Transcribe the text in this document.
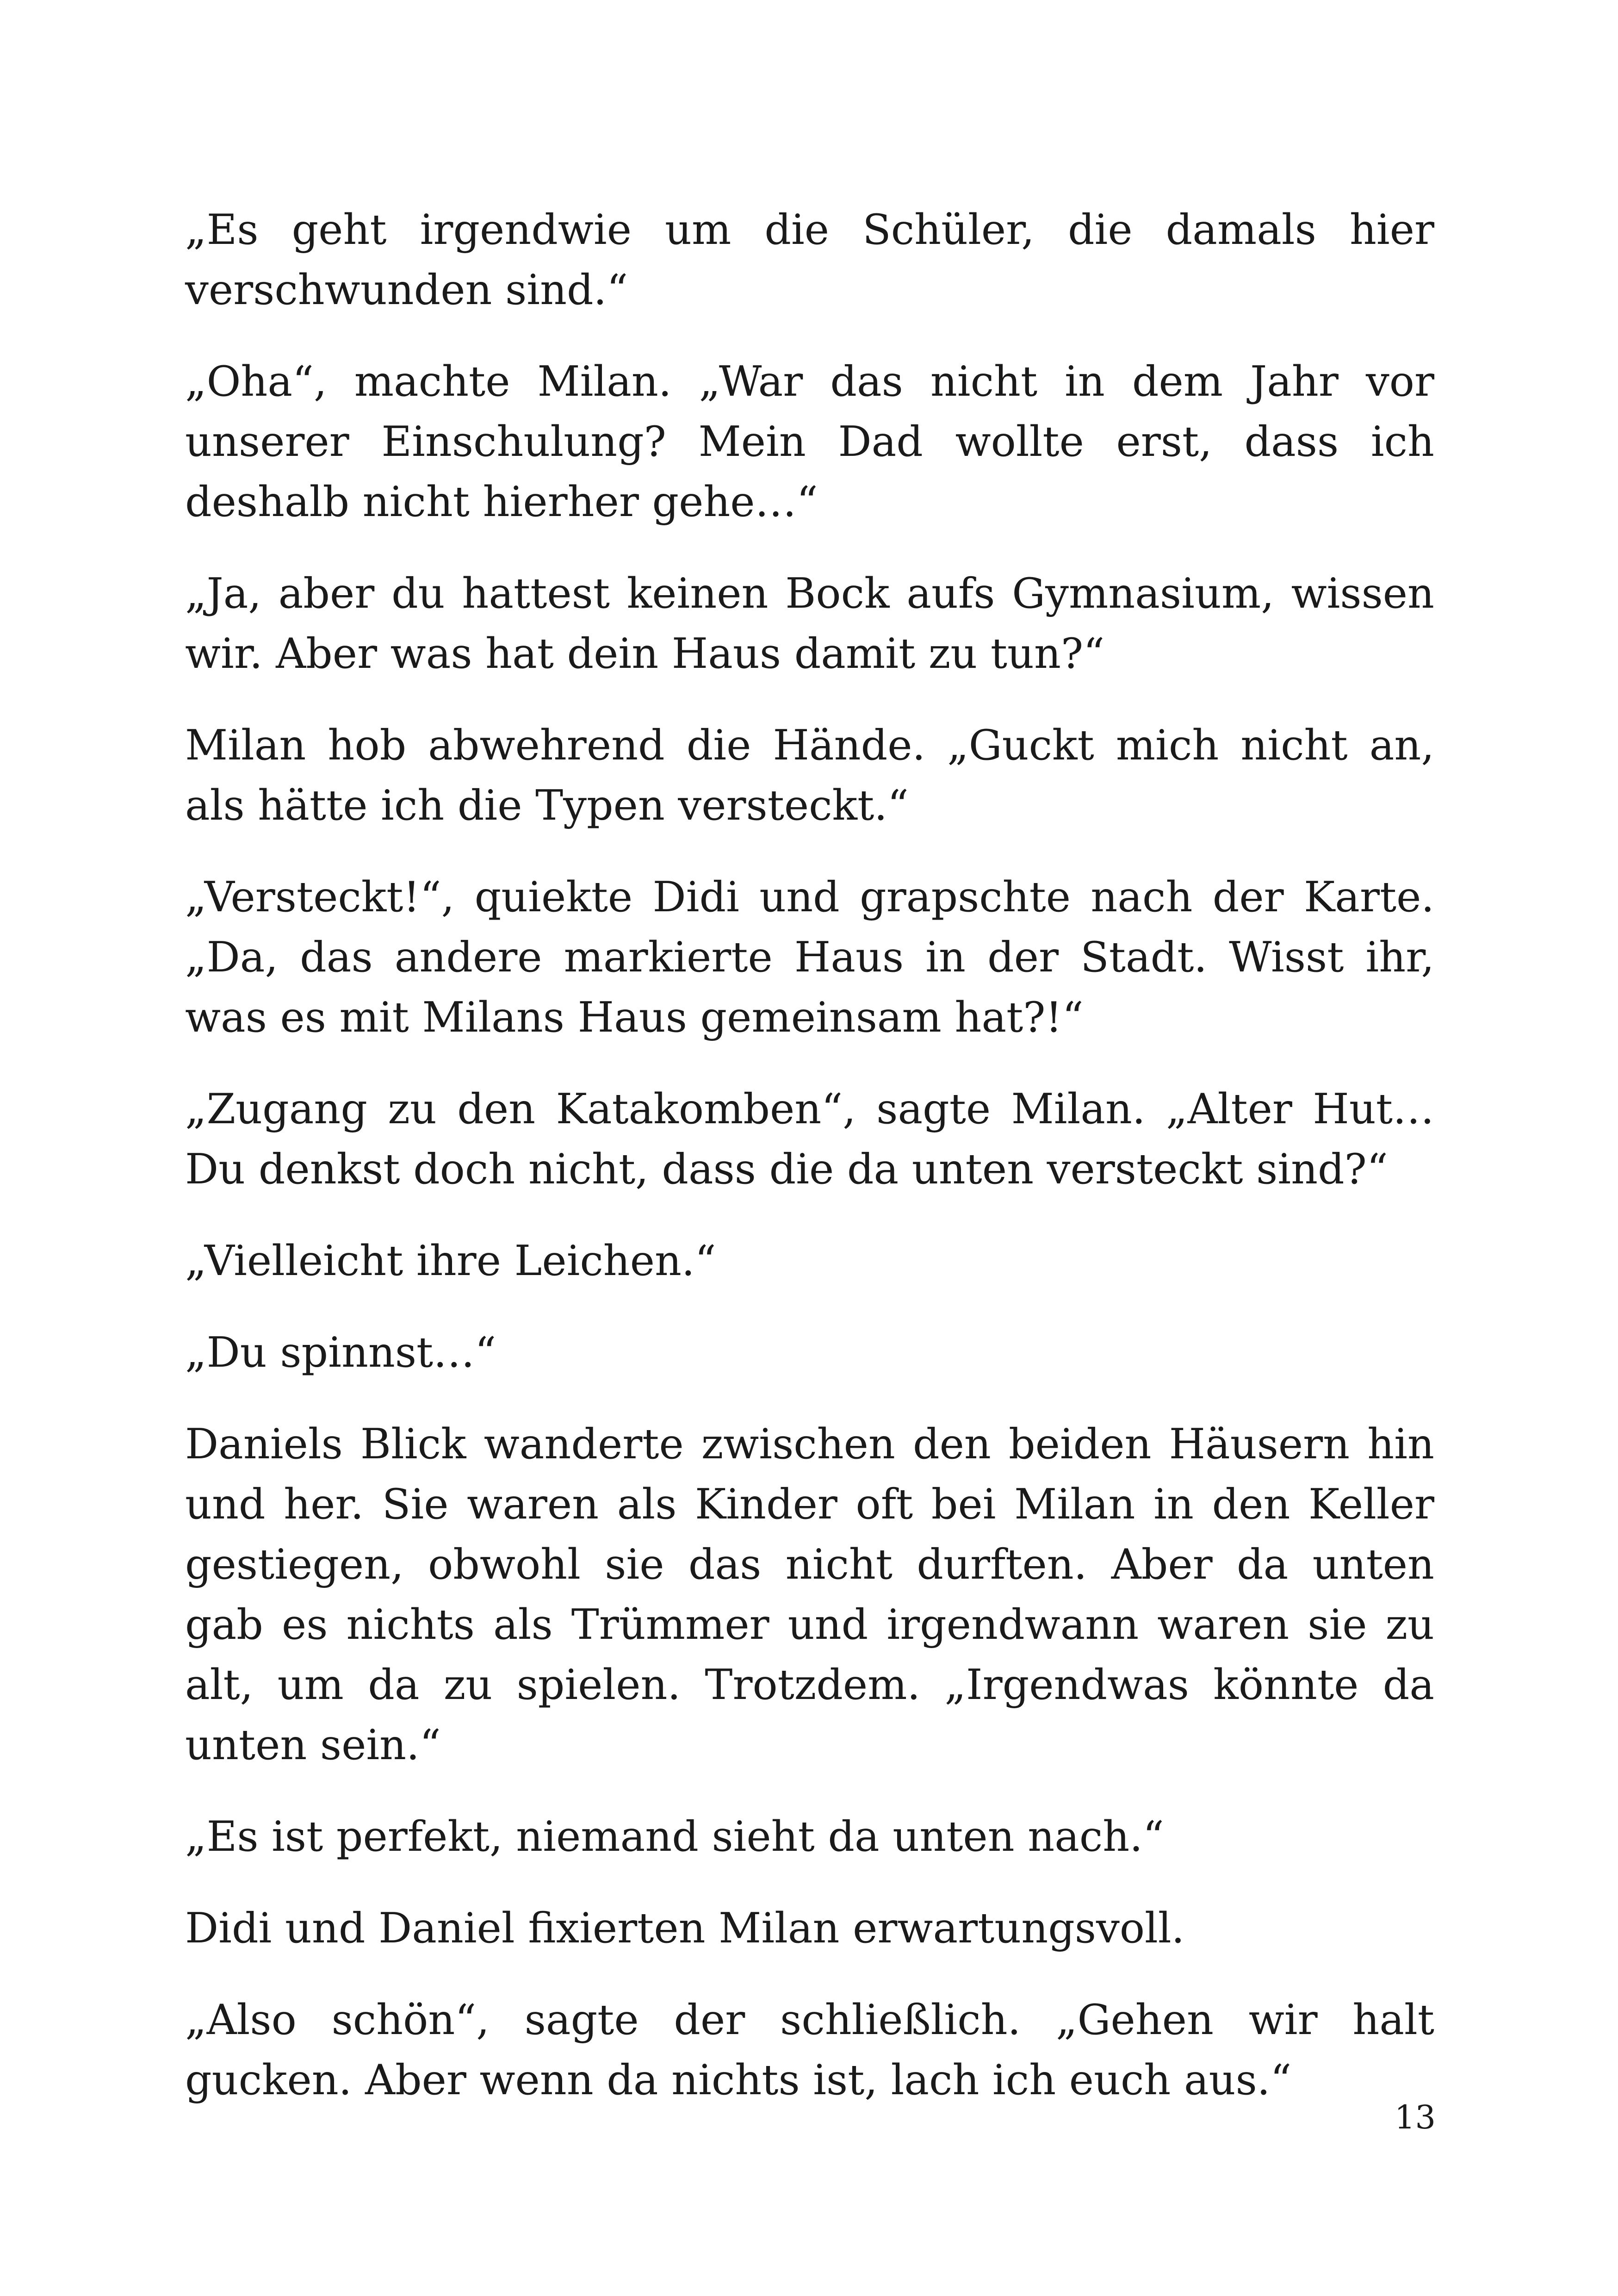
„Es geht irgendwie um die Schüler, die damals hier verschwunden sind.“

„Oha“, machte Milan. „War das nicht in dem Jahr vor unserer Einschulung? Mein Dad wollte erst, dass ich deshalb nicht hierher gehe…“

„Ja, aber du hattest keinen Bock aufs Gymnasium, wissen wir. Aber was hat dein Haus damit zu tun?“

Milan hob abwehrend die Hände. „Guckt mich nicht an, als hätte ich die Typen versteckt.“

„Versteckt!“, quiekte Didi und grapschte nach der Karte. „Da, das andere markierte Haus in der Stadt. Wisst ihr, was es mit Milans Haus gemeinsam hat?!“

„Zugang zu den Katakomben“, sagte Milan. „Alter Hut…Du denkst doch nicht, dass die da unten versteckt sind?“

„Vielleicht ihre Leichen.“

„Du spinnst…“

Daniels Blick wanderte zwischen den beiden Häusern hin und her. Sie waren als Kinder oft bei Milan in den Keller gestiegen, obwohl sie das nicht durften. Aber da unten gab es nichts als Trümmer und irgendwann waren sie zu alt, um da zu spielen. Trotzdem. „Irgendwas könnte da unten sein.“

„Es ist perfekt, niemand sieht da unten nach.“

Didi und Daniel fixierten Milan erwartungsvoll.

„Also schön“, sagte der schließlich. „Gehen wir halt gucken. Aber wenn da nichts ist, lach ich euch aus.“

13
